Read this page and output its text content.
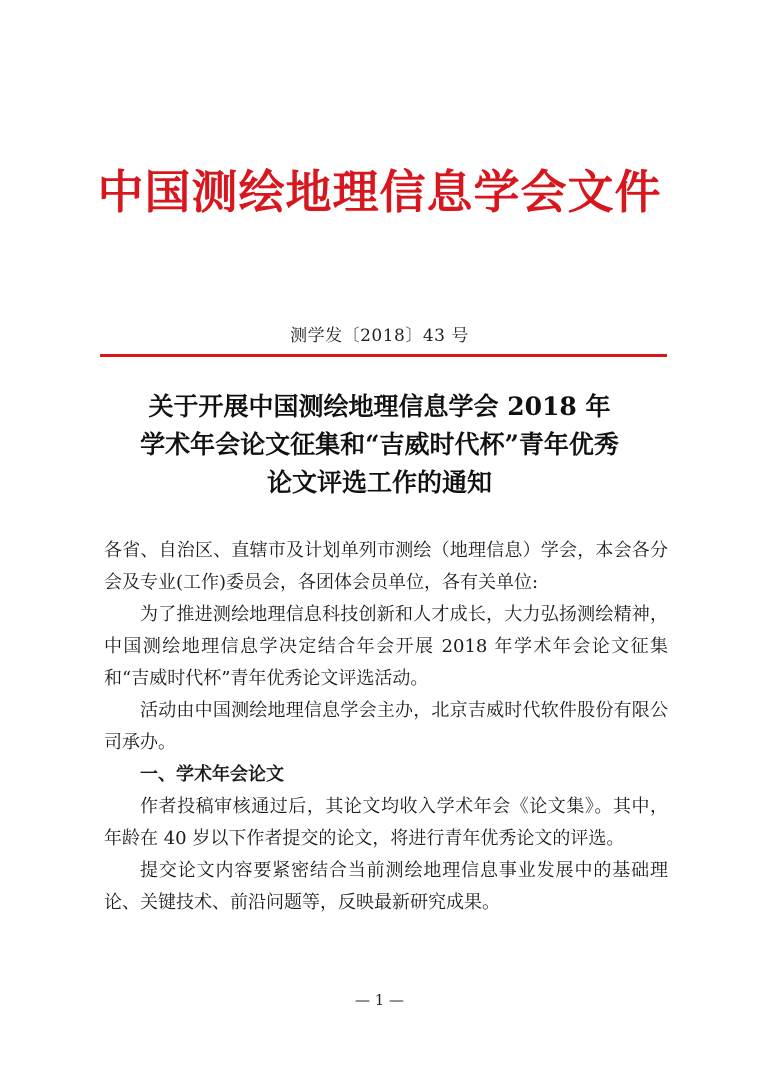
中国测绘地理信息学会文件
测学发〔2018〕43 号
关于开展中国测绘地理信息学会 2018 年
学术年会论文征集和“吉威时代杯”青年优秀
论文评选工作的通知

各省、自治区、直辖市及计划单列市测绘（地理信息）学会，本会各分会及专业(工作)委员会，各团体会员单位，各有关单位:

为了推进测绘地理信息科技创新和人才成长，大力弘扬测绘精神，中国测绘地理信息学决定结合年会开展 2018 年学术年会论文征集和“吉威时代杯”青年优秀论文评选活动。

活动由中国测绘地理信息学会主办，北京吉威时代软件股份有限公司承办。

一、学术年会论文

作者投稿审核通过后，其论文均收入学术年会《论文集》。其中，年龄在 40 岁以下作者提交的论文，将进行青年优秀论文的评选。

提交论文内容要紧密结合当前测绘地理信息事业发展中的基础理论、关键技术、前沿问题等，反映最新研究成果。

— 1 —
